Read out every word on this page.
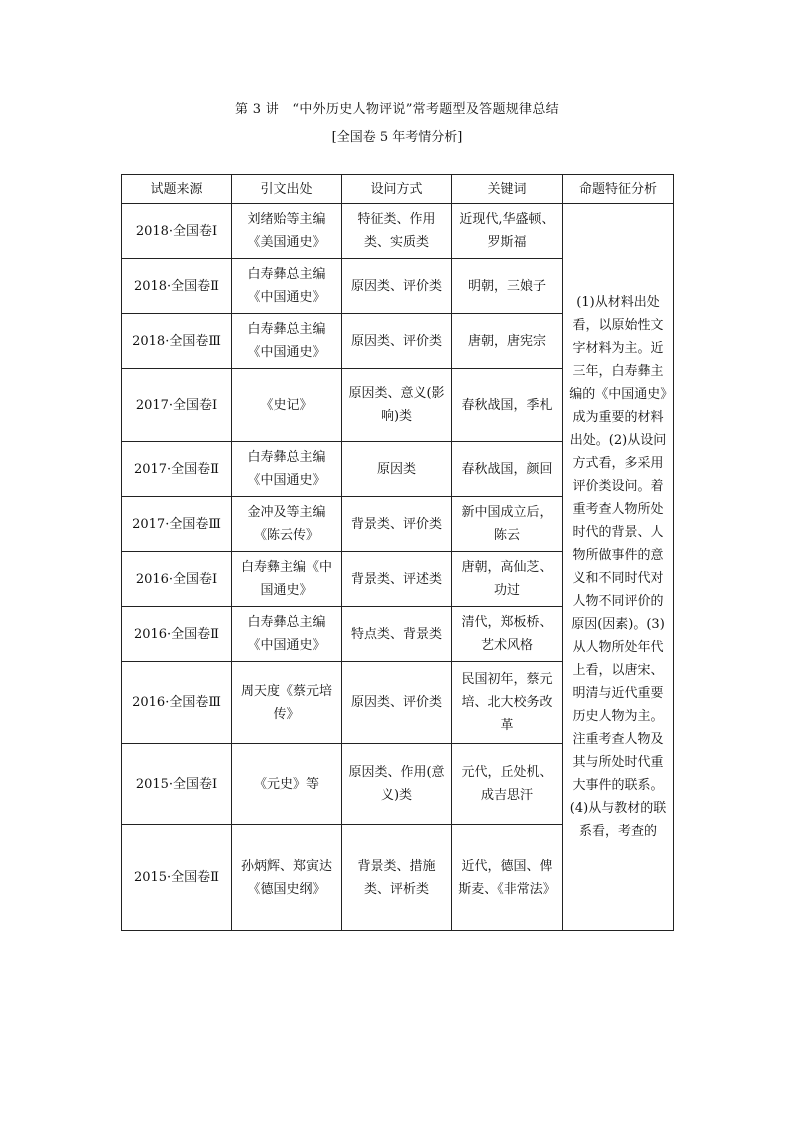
第 3 讲　“中外历史人物评说”常考题型及答题规律总结
[全国卷 5 年考情分析]
试题来源	引文出处	设问方式	关键词	命题特征分析
2018·全国卷Ⅰ	刘绪贻等主编《美国通史》	特征类、作用类、实质类	近现代,华盛顿、罗斯福	(1)从材料出处看，以原始性文字材料为主。近三年，白寿彝主编的《中国通史》成为重要的材料出处。(2)从设问方式看，多采用评价类设问。着重考查人物所处时代的背景、人物所做事件的意义和不同时代对人物不同评价的原因(因素)。(3)从人物所处年代上看，以唐宋、明清与近代重要历史人物为主。注重考查人物及其与所处时代重大事件的联系。(4)从与教材的联系看，考查的
2018·全国卷Ⅱ	白寿彝总主编《中国通史》	原因类、评价类	明朝，三娘子	
2018·全国卷Ⅲ	白寿彝总主编《中国通史》	原因类、评价类	唐朝，唐宪宗	
2017·全国卷Ⅰ	《史记》	原因类、意义(影响)类	春秋战国，季札	
2017·全国卷Ⅱ	白寿彝总主编《中国通史》	原因类	春秋战国，颜回	
2017·全国卷Ⅲ	金冲及等主编《陈云传》	背景类、评价类	新中国成立后，陈云	
2016·全国卷Ⅰ	白寿彝主编《中国通史》	背景类、评述类	唐朝，高仙芝、功过	
2016·全国卷Ⅱ	白寿彝总主编《中国通史》	特点类、背景类	清代，郑板桥、艺术风格	
2016·全国卷Ⅲ	周天度《蔡元培传》	原因类、评价类	民国初年，蔡元培、北大校务改革	
2015·全国卷Ⅰ	《元史》等	原因类、作用(意义)类	元代，丘处机、成吉思汗	
2015·全国卷Ⅱ	孙炳辉、郑寅达《德国史纲》	背景类、措施类、评析类	近代，德国、俾斯麦、《非常法》	
